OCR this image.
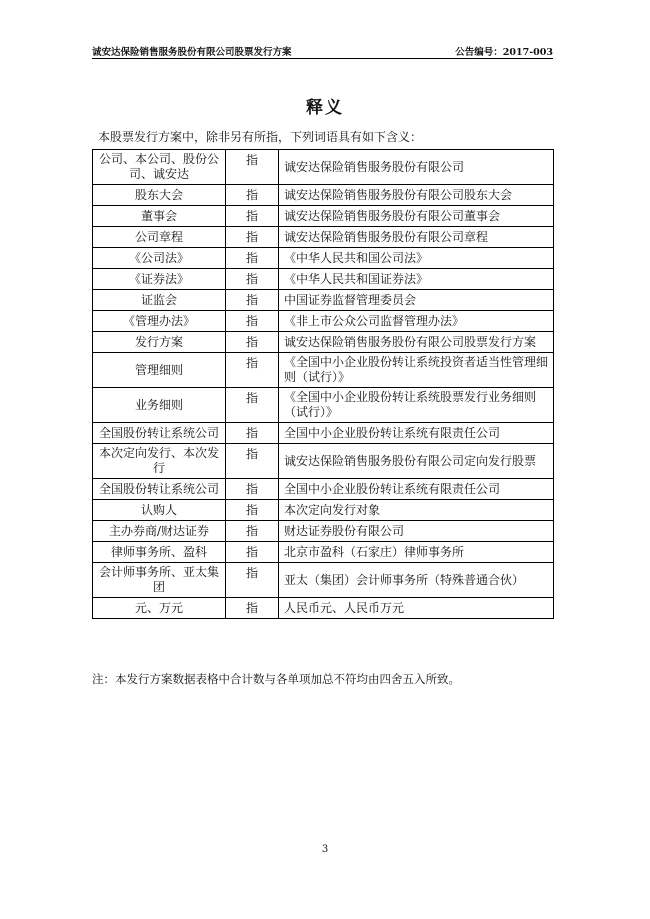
诚安达保险销售服务股份有限公司股票发行方案	公告编号：2017-003
释义
本股票发行方案中，除非另有所指，下列词语具有如下含义：
公司、本公司、股份公司、诚安达	指	诚安达保险销售服务股份有限公司
股东大会	指	诚安达保险销售服务股份有限公司股东大会
董事会	指	诚安达保险销售服务股份有限公司董事会
公司章程	指	诚安达保险销售服务股份有限公司章程
《公司法》	指	《中华人民共和国公司法》
《证券法》	指	《中华人民共和国证券法》
证监会	指	中国证券监督管理委员会
《管理办法》	指	《非上市公众公司监督管理办法》
发行方案	指	诚安达保险销售服务股份有限公司股票发行方案
管理细则	指	《全国中小企业股份转让系统投资者适当性管理细则（试行）》
业务细则	指	《全国中小企业股份转让系统股票发行业务细则（试行）》
全国股份转让系统公司	指	全国中小企业股份转让系统有限责任公司
本次定向发行、本次发行	指	诚安达保险销售服务股份有限公司定向发行股票
全国股份转让系统公司	指	全国中小企业股份转让系统有限责任公司
认购人	指	本次定向发行对象
主办券商/财达证券	指	财达证券股份有限公司
律师事务所、盈科	指	北京市盈科（石家庄）律师事务所
会计师事务所、亚太集团	指	亚太（集团）会计师事务所（特殊普通合伙）
元、万元	指	人民币元、人民币万元
注：本发行方案数据表格中合计数与各单项加总不符均由四舍五入所致。
3
